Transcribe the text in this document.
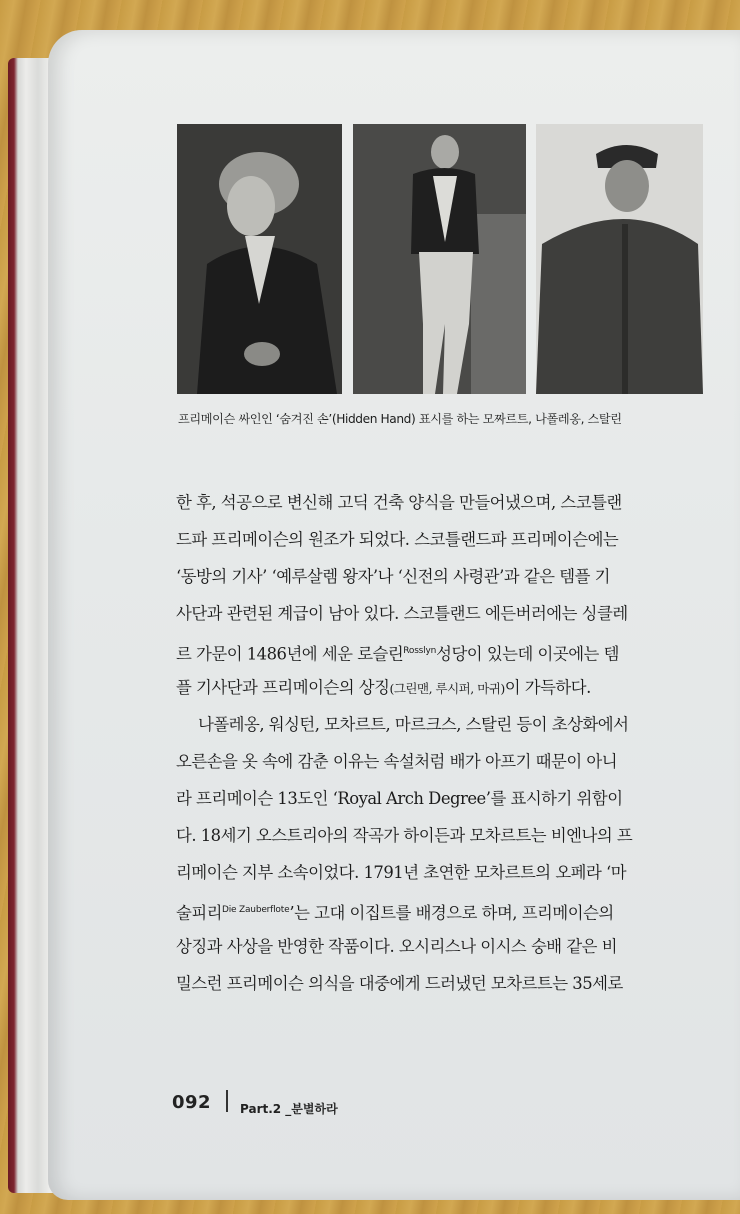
프리메이슨 싸인인 ‘숨겨진 손’(Hidden Hand) 표시를 하는 모짜르트, 나폴레옹, 스탈린
한 후, 석공으로 변신해 고딕 건축 양식을 만들어냈으며, 스코틀랜
드파 프리메이슨의 원조가 되었다. 스코틀랜드파 프리메이슨에는
‘동방의 기사’ ‘예루살렘 왕자’나 ‘신전의 사령관’과 같은 템플 기
사단과 관련된 계급이 남아 있다. 스코틀랜드 에든버러에는 싱클레
르 가문이 1486년에 세운 로슬린$^{Rosslyn}$성당이 있는데 이곳에는 템
플 기사단과 프리메이슨의 상징(그린맨, 루시퍼, 마귀)이 가득하다.
나폴레옹, 워싱턴, 모차르트, 마르크스, 스탈린 등이 초상화에서
오른손을 옷 속에 감춘 이유는 속설처럼 배가 아프기 때문이 아니
라 프리메이슨 13도인 ‘Royal Arch Degree’를 표시하기 위함이
다. 18세기 오스트리아의 작곡가 하이든과 모차르트는 비엔나의 프
리메이슨 지부 소속이었다. 1791년 초연한 모차르트의 오페라 ‘마
술피리$^{Die Zauberflote}$’는 고대 이집트를 배경으로 하며, 프리메이슨의
상징과 사상을 반영한 작품이다. 오시리스나 이시스 숭배 같은 비
밀스런 프리메이슨 의식을 대중에게 드러냈던 모차르트는 35세로
092 Part.2 _분별하라
